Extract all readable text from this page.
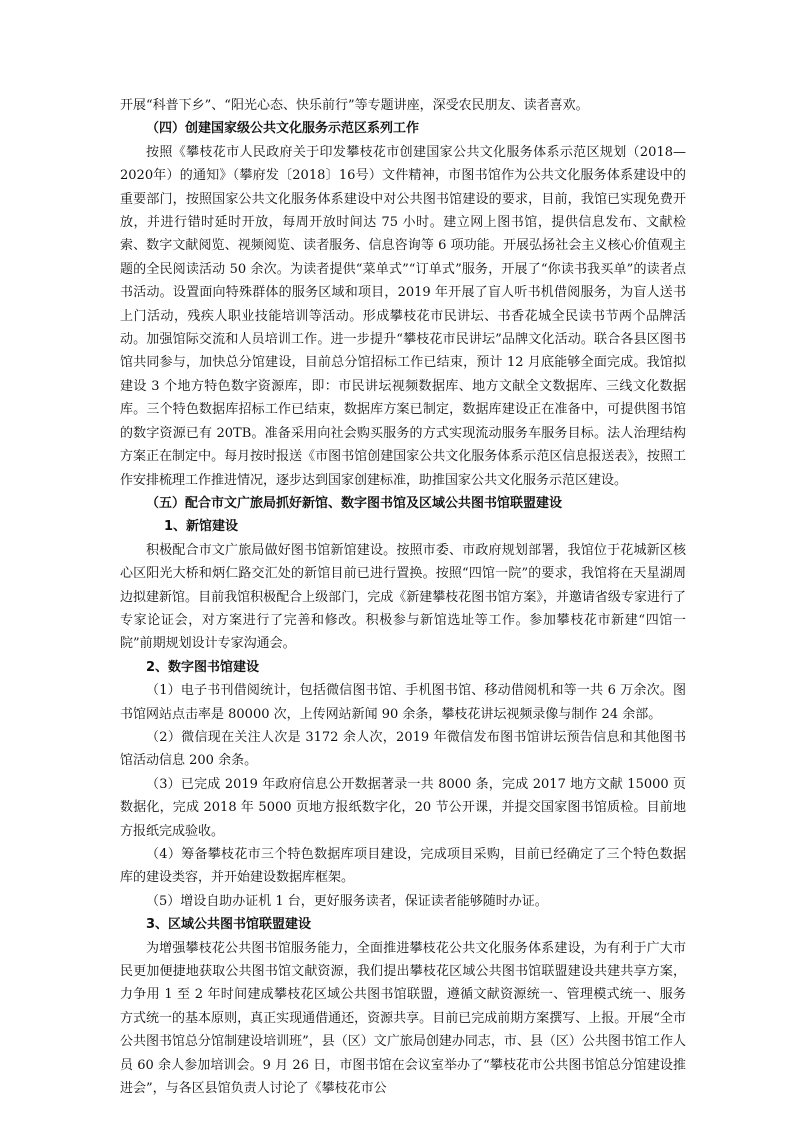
开展“科普下乡”、“阳光心态、快乐前行”等专题讲座，深受农民朋友、读者喜欢。

（四）创建国家级公共文化服务示范区系列工作

按照《攀枝花市人民政府关于印发攀枝花市创建国家公共文化服务体系示范区规划（2018—2020年）的通知》（攀府发〔2018〕16号）文件精神，市图书馆作为公共文化服务体系建设中的重要部门，按照国家公共文化服务体系建设中对公共图书馆建设的要求，目前，我馆已实现免费开放，并进行错时延时开放，每周开放时间达 75 小时。建立网上图书馆，提供信息发布、文献检索、数字文献阅览、视频阅览、读者服务、信息咨询等 6 项功能。开展弘扬社会主义核心价值观主题的全民阅读活动 50 余次。为读者提供“菜单式”“订单式”服务，开展了“你读书我买单”的读者点书活动。设置面向特殊群体的服务区域和项目，2019 年开展了盲人听书机借阅服务，为盲人送书上门活动，残疾人职业技能培训等活动。形成攀枝花市民讲坛、书香花城全民读书节两个品牌活动。加强馆际交流和人员培训工作。进一步提升“攀枝花市民讲坛”品牌文化活动。联合各县区图书馆共同参与，加快总分馆建设，目前总分馆招标工作已结束，预计 12 月底能够全面完成。我馆拟建设 3 个地方特色数字资源库，即：市民讲坛视频数据库、地方文献全文数据库、三线文化数据库。三个特色数据库招标工作已结束，数据库方案已制定，数据库建设正在准备中，可提供图书馆的数字资源已有 20TB。准备采用向社会购买服务的方式实现流动服务车服务目标。法人治理结构方案正在制定中。每月按时报送《市图书馆创建国家公共文化服务体系示范区信息报送表》，按照工作安排梳理工作推进情况，逐步达到国家创建标准，助推国家公共文化服务示范区建设。

（五）配合市文广旅局抓好新馆、数字图书馆及区域公共图书馆联盟建设

1、新馆建设

积极配合市文广旅局做好图书馆新馆建设。按照市委、市政府规划部署，我馆位于花城新区核心区阳光大桥和炳仁路交汇处的新馆目前已进行置换。按照“四馆一院”的要求，我馆将在天星湖周边拟建新馆。目前我馆积极配合上级部门，完成《新建攀枝花图书馆方案》，并邀请省级专家进行了专家论证会，对方案进行了完善和修改。积极参与新馆选址等工作。参加攀枝花市新建“四馆一院”前期规划设计专家沟通会。

2、数字图书馆建设

（1）电子书刊借阅统计，包括微信图书馆、手机图书馆、移动借阅机和等一共 6 万余次。图书馆网站点击率是 80000 次，上传网站新闻 90 余条，攀枝花讲坛视频录像与制作 24 余部。

（2）微信现在关注人次是 3172 余人次，2019 年微信发布图书馆讲坛预告信息和其他图书馆活动信息 200 余条。

（3）已完成 2019 年政府信息公开数据著录一共 8000 条，完成 2017 地方文献 15000 页数据化，完成 2018 年 5000 页地方报纸数字化，20 节公开课，并提交国家图书馆质检。目前地方报纸完成验收。

（4）筹备攀枝花市三个特色数据库项目建设，完成项目采购，目前已经确定了三个特色数据库的建设类容，并开始建设数据库框架。

（5）增设自助办证机 1 台，更好服务读者，保证读者能够随时办证。

3、区域公共图书馆联盟建设

为增强攀枝花公共图书馆服务能力，全面推进攀枝花公共文化服务体系建设，为有利于广大市民更加便捷地获取公共图书馆文献资源，我们提出攀枝花区域公共图书馆联盟建设共建共享方案，力争用 1 至 2 年时间建成攀枝花区域公共图书馆联盟，遵循文献资源统一、管理模式统一、服务方式统一的基本原则，真正实现通借通还，资源共享。目前已完成前期方案撰写、上报。开展“全市公共图书馆总分馆制建设培训班”，县（区）文广旅局创建办同志，市、县（区）公共图书馆工作人员 60 余人参加培训会。9 月 26 日，市图书馆在会议室举办了“攀枝花市公共图书馆总分馆建设推进会”，与各区县馆负责人讨论了《攀枝花市公
